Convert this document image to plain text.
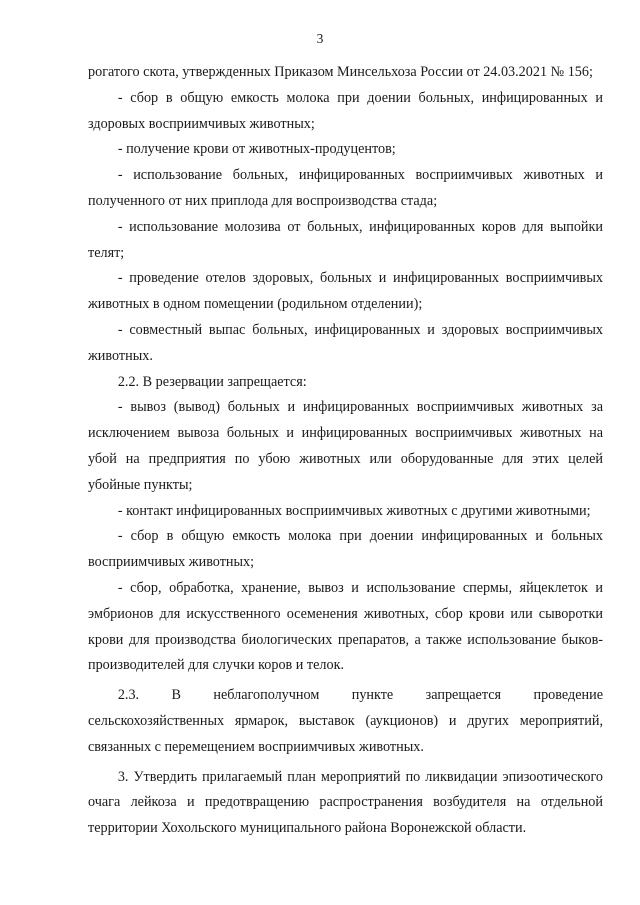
3

рогатого скота, утвержденных Приказом Минсельхоза России от 24.03.2021 № 156;

- сбор в общую емкость молока при доении больных, инфицированных и здоровых восприимчивых животных;

- получение крови от животных-продуцентов;

- использование больных, инфицированных восприимчивых животных и полученного от них приплода для воспроизводства стада;

- использование молозива от больных, инфицированных коров для выпойки телят;

- проведение отелов здоровых, больных и инфицированных восприимчивых животных в одном помещении (родильном отделении);

- совместный выпас больных, инфицированных и здоровых восприимчивых животных.

2.2. В резервации запрещается:

- вывоз (вывод) больных и инфицированных восприимчивых животных за исключением вывоза больных и инфицированных восприимчивых животных на убой на предприятия по убою животных или оборудованные для этих целей убойные пункты;

- контакт инфицированных восприимчивых животных с другими животными;

- сбор в общую емкость молока при доении инфицированных и больных восприимчивых животных;

- сбор, обработка, хранение, вывоз и использование спермы, яйцеклеток и эмбрионов для искусственного осеменения животных, сбор крови или сыворотки крови для производства биологических препаратов, а также использование быков-производителей для случки коров и телок.

2.3. В неблагополучном пункте запрещается проведение

сельскохозяйственных ярмарок, выставок (аукционов) и других мероприятий, связанных с перемещением восприимчивых животных.

3. Утвердить прилагаемый план мероприятий по ликвидации эпизоотического очага лейкоза и предотвращению распространения возбудителя на отдельной территории Хохольского муниципального района Воронежской области.
